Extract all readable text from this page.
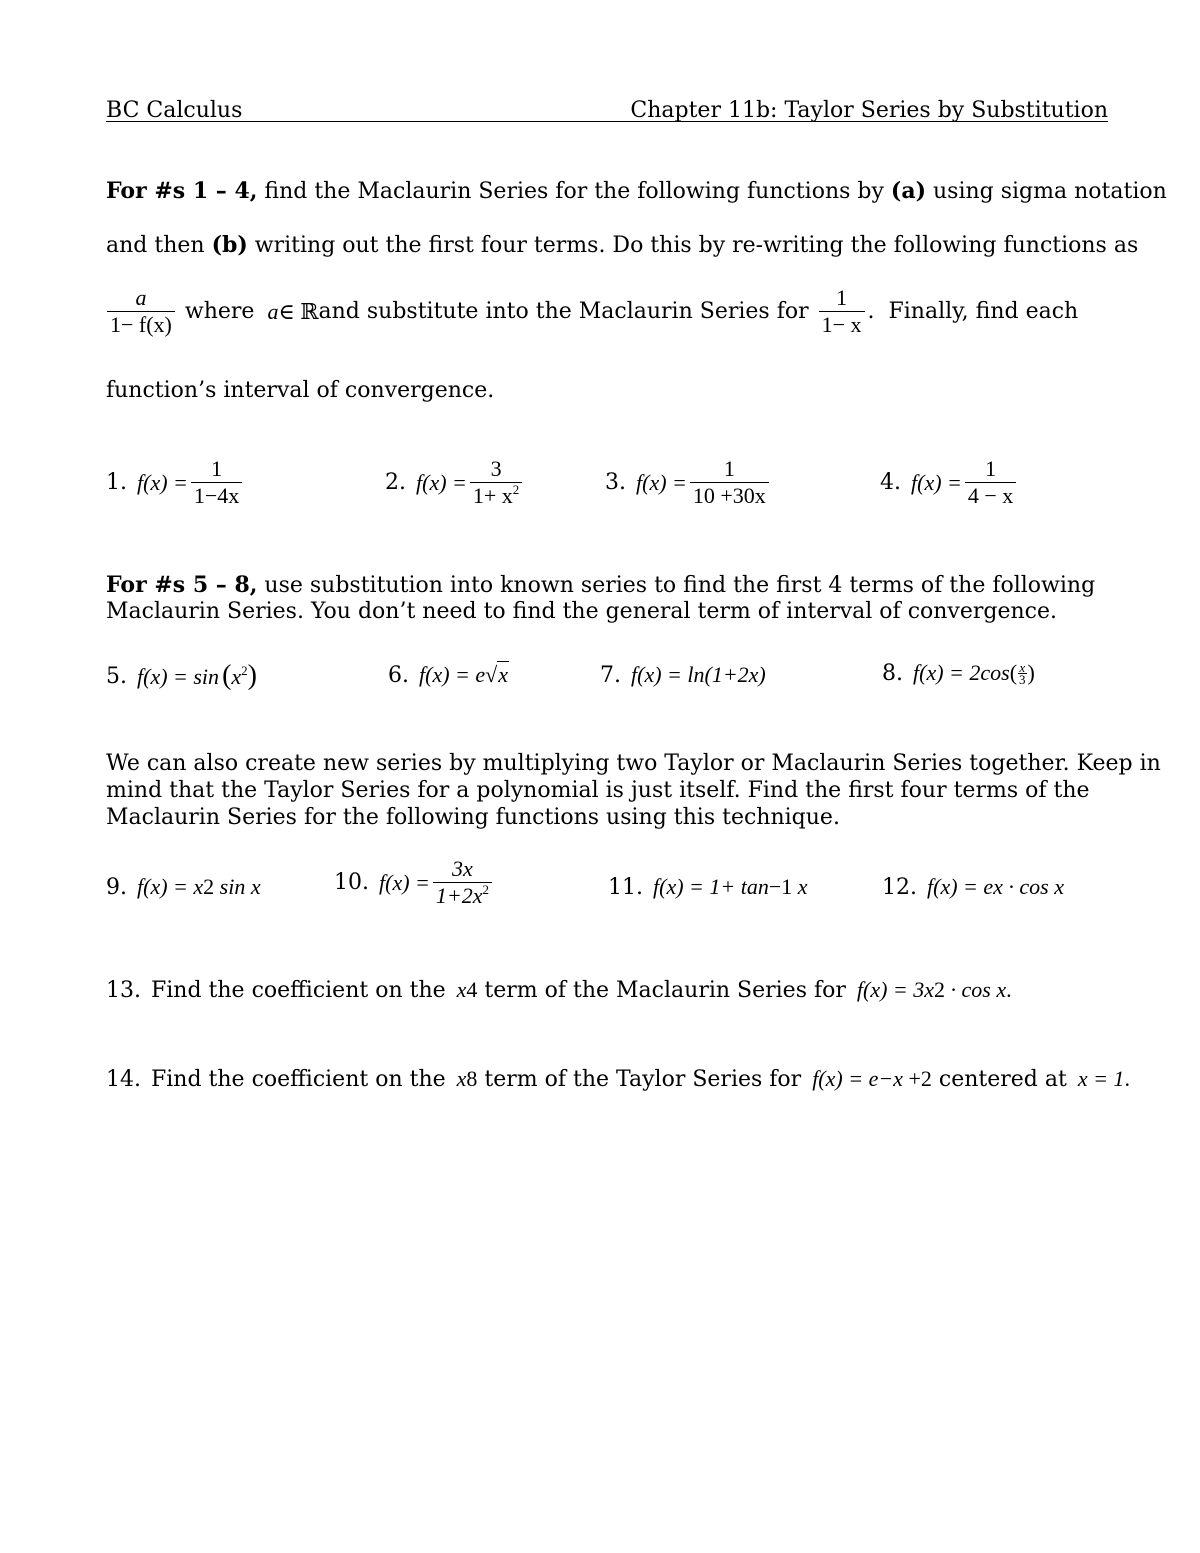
BC Calculus	Chapter 11b: Taylor Series by Substitution
For #s 1 – 4, find the Maclaurin Series for the following functions by (a) using sigma notation
and then (b) writing out the first four terms. Do this by re-writing the following functions as
$\frac{a}{1- f(x)}$ where a ∈ ℝ and substitute into the Maclaurin Series for $\frac{1}{1- x}$ .  Finally, find each
function’s interval of convergence.
1. $f(x) = \frac{1}{1-4x}$	2. $f(x) = \frac{3}{1+ x^2}$	3. $f(x) = \frac{1}{10 +30x}$	4. $f(x) = \frac{1}{4 - x}$
For #s 5 – 8, use substitution into known series to find the first 4 terms of the following
Maclaurin Series. You don’t need to find the general term of interval of convergence.
5. $f(x) = \sin (x^2)$	6. f(x) = e √x	7. f(x) = ln(1+2x)	8. f(x) = 2cos ( $\frac{x}{3}$ )
We can also create new series by multiplying two Taylor or Maclaurin Series together. Keep in
mind that the Taylor Series for a polynomial is just itself. Find the first four terms of the
Maclaurin Series for the following functions using this technique.
9. f(x) = x 2 sin x	10. $f(x) = \frac{3x}{1+2x^2}$	11. f(x) = 1+ tan −1 x	12. f(x) = e x · cos x
13. Find the coefficient on the x 4 term of the Maclaurin Series for f(x) = 3x 2 · cos x .
14. Find the coefficient on the x 8 term of the Taylor Series for f(x) = e −x +2 centered at x = 1 .
